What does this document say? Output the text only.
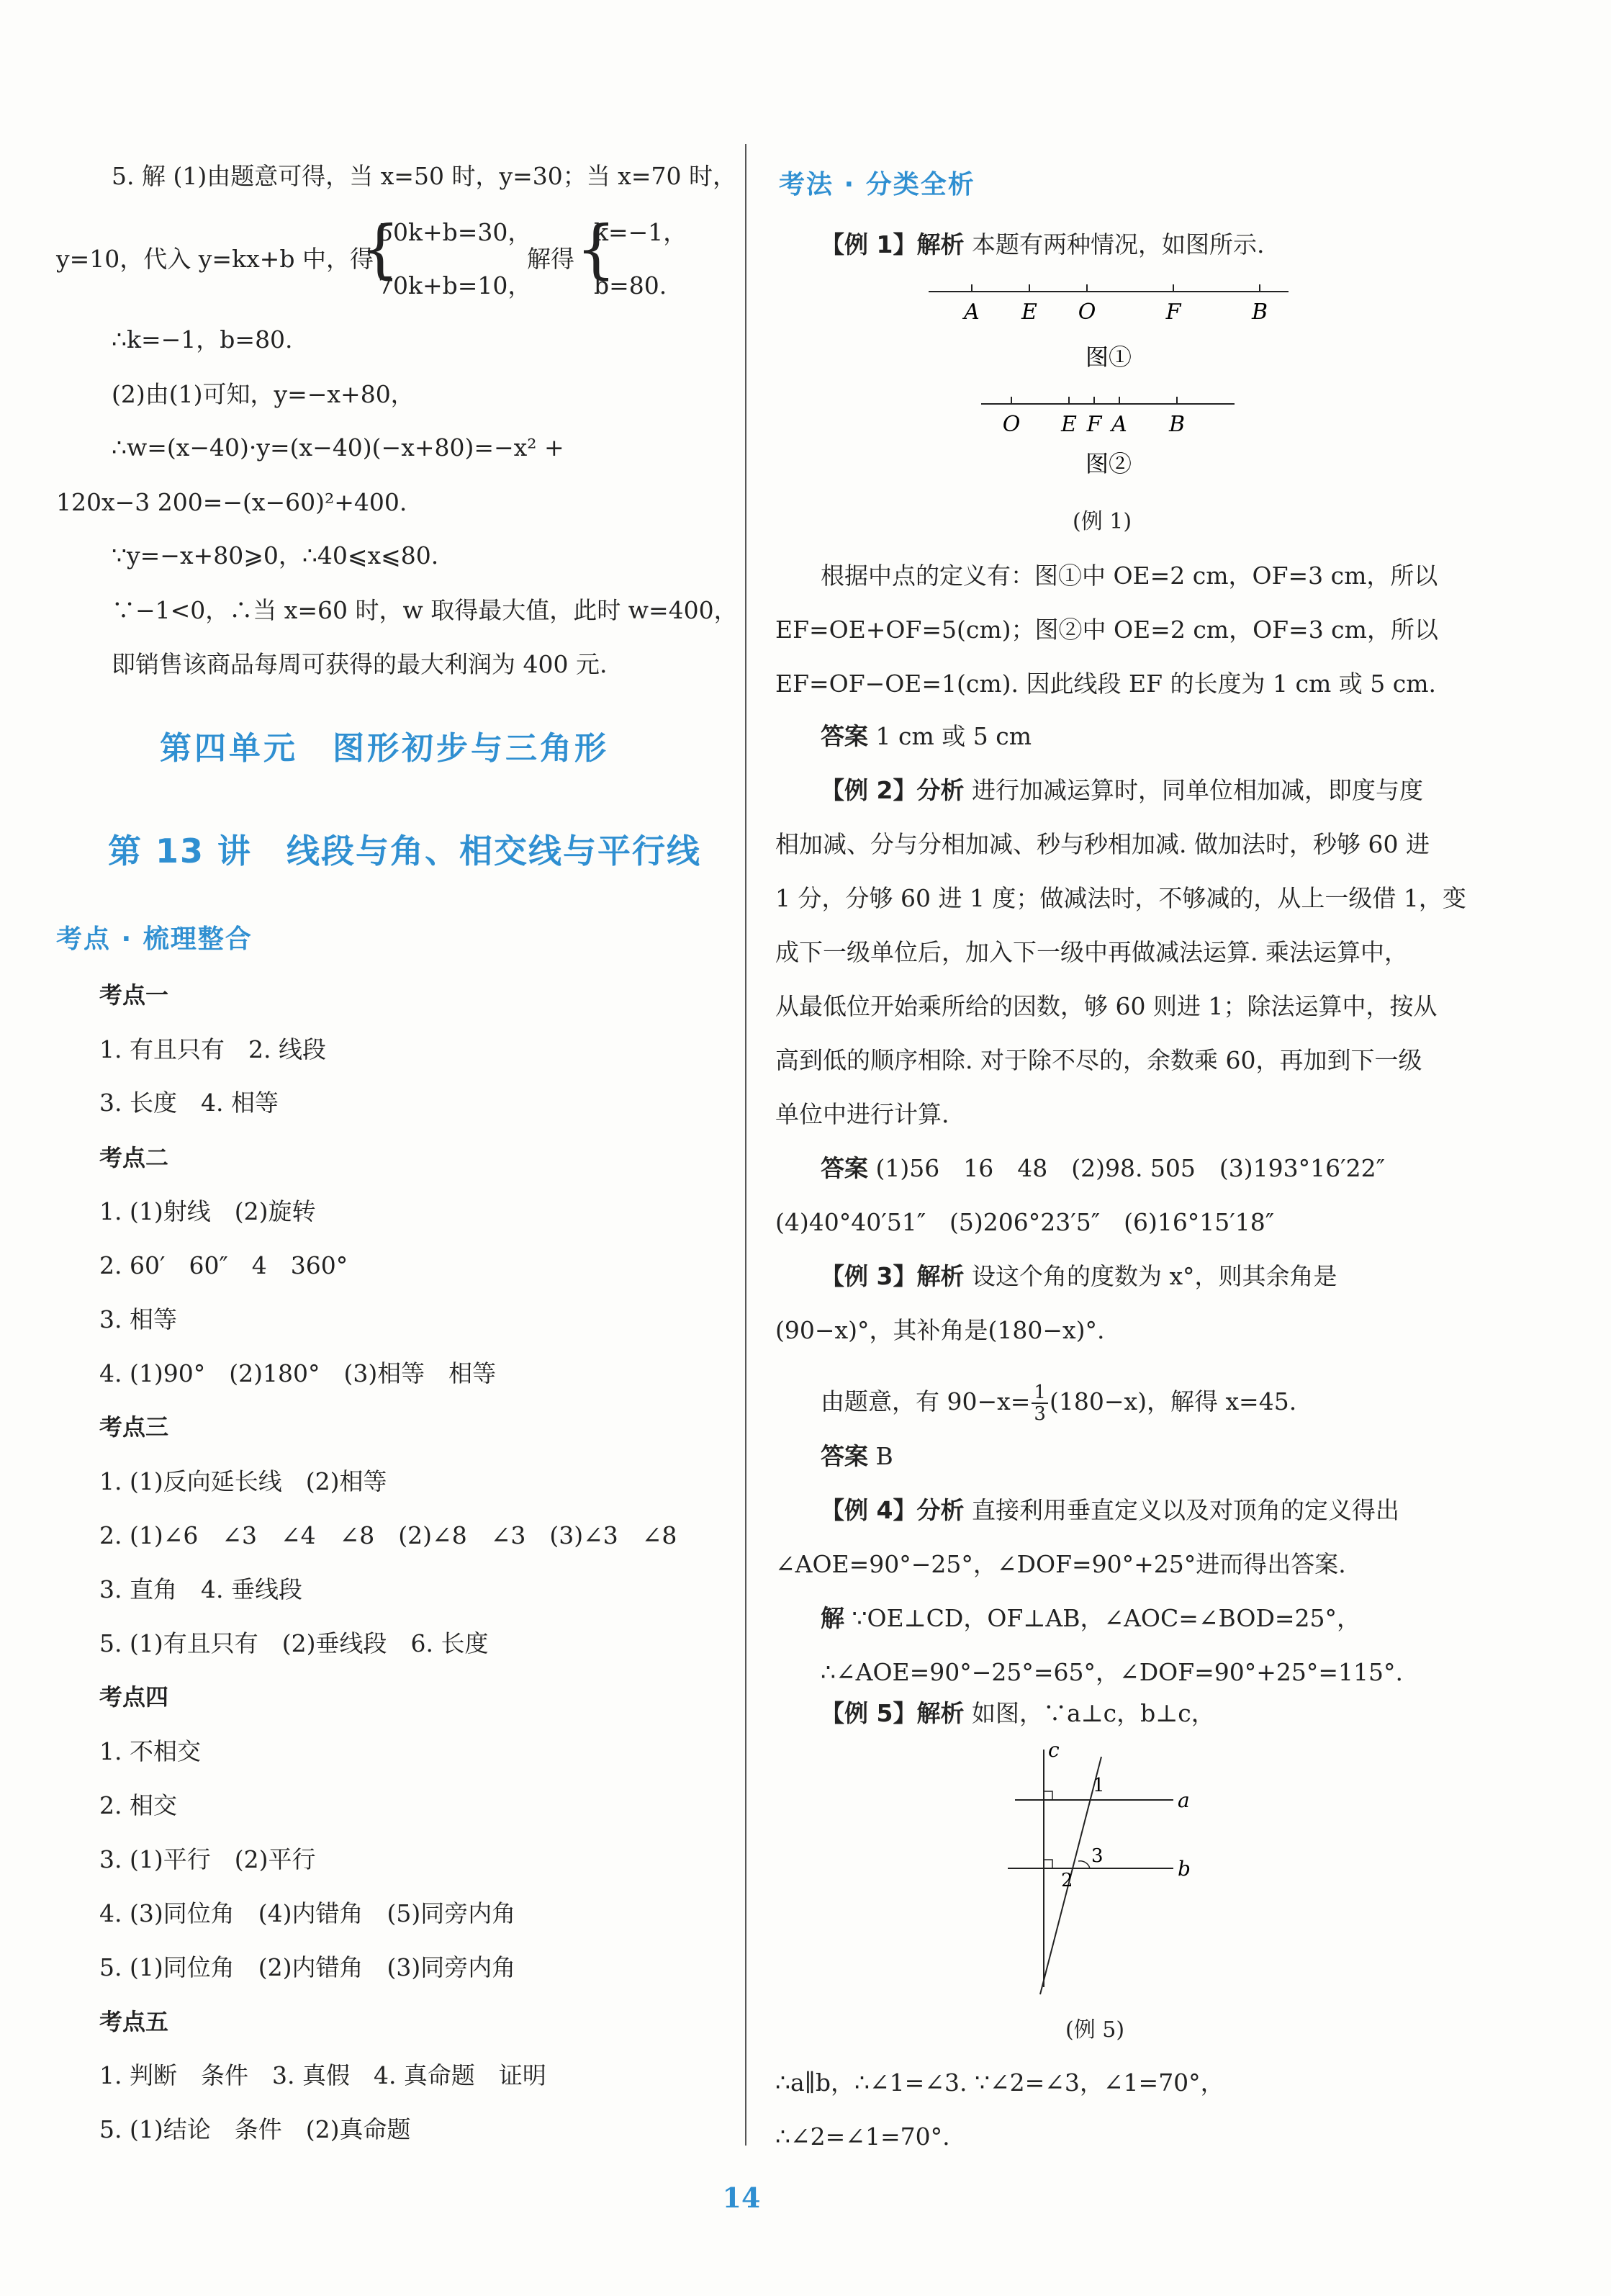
5. 解 (1)由题意可得，当 x=50 时，y=30；当 x=70 时，
y=10，代入 y=kx+b 中，得
{
50k+b=30，
70k+b=10，
解得 {
k=−1，
b=80.
∴k=−1，b=80.
(2)由(1)可知，y=−x+80，
∴w=(x−40)·y=(x−40)(−x+80)=−x² +
120x−3 200=−(x−60)²+400.
∵y=−x+80⩾0，∴40⩽x⩽80.
∵−1<0，∴当 x=60 时，w 取得最大值，此时 w=400，
即销售该商品每周可获得的最大利润为 400 元.
第四单元　图形初步与三角形
第 13 讲　线段与角、相交线与平行线
考点 · 梳理整合
考点一
1. 有且只有　2. 线段
3. 长度　4. 相等
考点二
1. (1)射线　(2)旋转
2. 60′　60″　4　360°
3. 相等
4. (1)90°　(2)180°　(3)相等　相等
考点三
1. (1)反向延长线　(2)相等
2. (1)∠6　∠3　∠4　∠8　(2)∠8　∠3　(3)∠3　∠8
3. 直角　4. 垂线段
5. (1)有且只有　(2)垂线段　6. 长度
考点四
1. 不相交
2. 相交
3. (1)平行　(2)平行
4. (3)同位角　(4)内错角　(5)同旁内角
5. (1)同位角　(2)内错角　(3)同旁内角
考点五
1. 判断　条件　3. 真假　4. 真命题　证明
5. (1)结论　条件　(2)真命题
考法 · 分类全析
【例 1】解析 本题有两种情况，如图所示.
A E O	F	B
图①
O E F A B
图②
(例 1)
根据中点的定义有：图①中 OE=2 cm，OF=3 cm，所以
EF=OE+OF=5(cm)；图②中 OE=2 cm，OF=3 cm，所以
EF=OF−OE=1(cm). 因此线段 EF 的长度为 1 cm 或 5 cm.
答案 1 cm 或 5 cm
【例 2】分析 进行加减运算时，同单位相加减，即度与度
相加减、分与分相加减、秒与秒相加减. 做加法时，秒够 60 进
1 分，分够 60 进 1 度；做减法时，不够减的，从上一级借 1，变
成下一级单位后，加入下一级中再做减法运算. 乘法运算中，
从最低位开始乘所给的因数，够 60 则进 1；除法运算中，按从
高到低的顺序相除. 对于除不尽的，余数乘 60，再加到下一级
单位中进行计算.
答案 (1)56　16　48　(2)98. 505　(3)193°16′22″
(4)40°40′51″　(5)206°23′5″　(6)16°15′18″
【例 3】解析 设这个角的度数为 x°，则其余角是
(90−x)°，其补角是(180−x)°.
由题意，有 $90-x= \frac{1}{3} (180-x)$，解得 x=45.
答案 B
【例 4】分析 直接利用垂直定义以及对顶角的定义得出
∠AOE=90°−25°，∠DOF=90°+25°进而得出答案.
解 ∵OE⊥CD，OF⊥AB，∠AOC=∠BOD=25°，
∴∠AOE=90°−25°=65°，∠DOF=90°+25°=115°.
【例 5】解析 如图，∵a⊥c，b⊥c，
c
a
b
1
2
3
(例 5)
∴a∥b，∴∠1=∠3. ∵∠2=∠3，∠1=70°，
∴∠2=∠1=70°.
14
